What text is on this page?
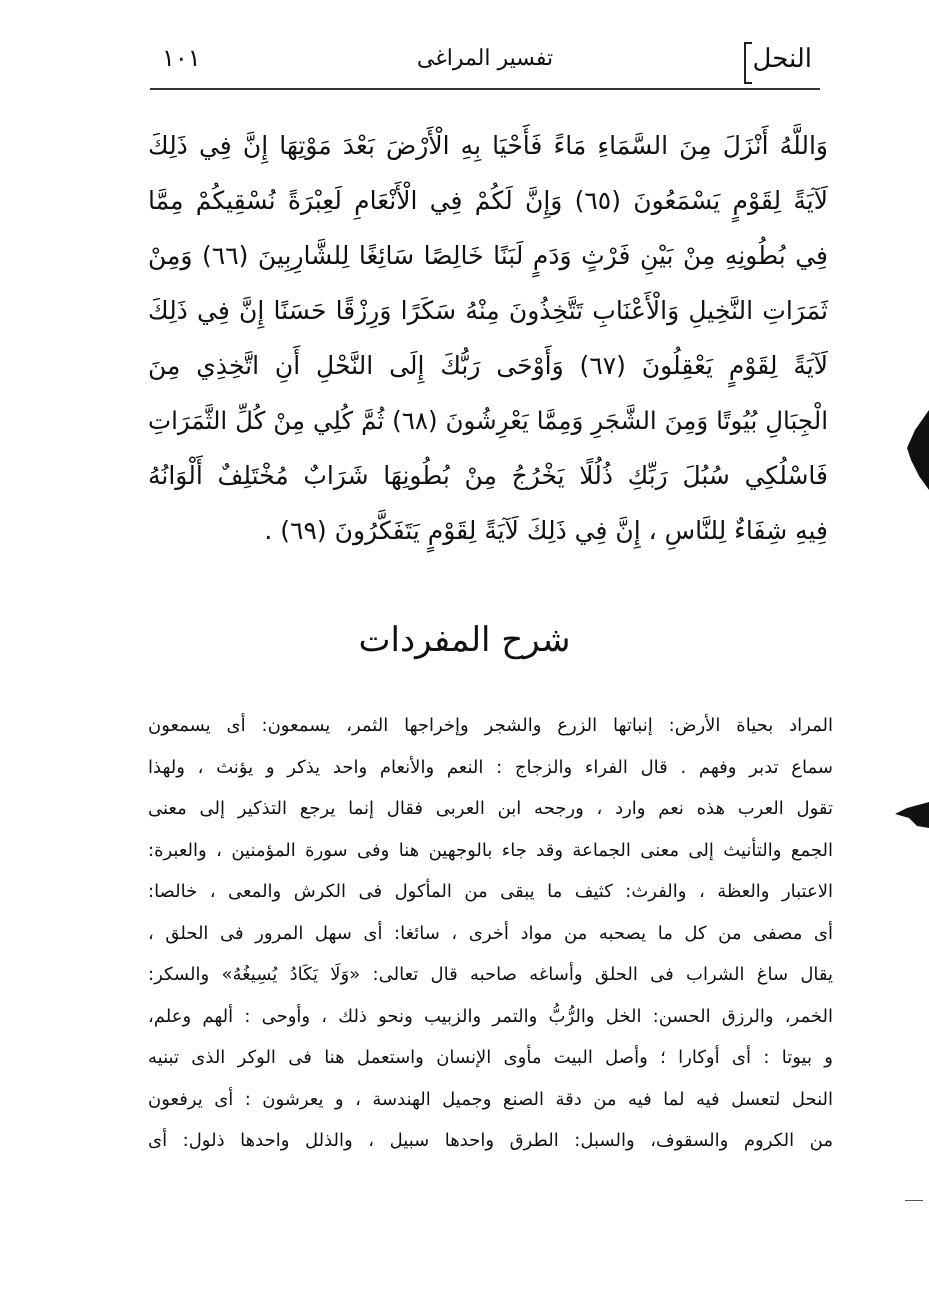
النحل
تفسير المراغى
١٠١

وَاللَّهُ أَنْزَلَ مِنَ السَّمَاءِ مَاءً فَأَحْيَا بِهِ الْأَرْضَ بَعْدَ مَوْتِهَا إِنَّ فِي ذَلِكَ

لَآيَةً لِقَوْمٍ يَسْمَعُونَ (٦٥) وَإِنَّ لَكُمْ فِي الْأَنْعَامِ لَعِبْرَةً نُسْقِيكُمْ مِمَّا

فِي بُطُونِهِ مِنْ بَيْنِ فَرْثٍ وَدَمٍ لَبَنًا خَالِصًا سَائِغًا لِلشَّارِبِينَ (٦٦) وَمِنْ

ثَمَرَاتِ النَّخِيلِ وَالْأَعْنَابِ تَتَّخِذُونَ مِنْهُ سَكَرًا وَرِزْقًا حَسَنًا إِنَّ فِي ذَلِكَ

لَآيَةً لِقَوْمٍ يَعْقِلُونَ (٦٧) وَأَوْحَى رَبُّكَ إِلَى النَّحْلِ أَنِ اتَّخِذِي مِنَ

الْجِبَالِ بُيُوتًا وَمِنَ الشَّجَرِ وَمِمَّا يَعْرِشُونَ (٦٨) ثُمَّ كُلِي مِنْ كُلِّ الثَّمَرَاتِ

فَاسْلُكِي سُبُلَ رَبِّكِ ذُلُلًا يَخْرُجُ مِنْ بُطُونِهَا شَرَابٌ مُخْتَلِفٌ أَلْوَانُهُ

فِيهِ شِفَاءٌ لِلنَّاسِ ، إِنَّ فِي ذَلِكَ لَآيَةً لِقَوْمٍ يَتَفَكَّرُونَ (٦٩) .

شرح المفردات

المراد بحياة الأرض: إنباتها الزرع والشجر وإخراجها الثمر، يسمعون: أى يسمعون

سماع تدبر وفهم . قال الفراء والزجاج : النعم والأنعام واحد يذكر و يؤنث ، ولهذا

تقول العرب هذه نعم وارد ، ورجحه ابن العربى فقال إنما يرجع التذكير إلى معنى

الجمع والتأنيث إلى معنى الجماعة وقد جاء بالوجهين هنا وفى سورة المؤمنين ، والعبرة:

الاعتبار والعظة ، والفرث: كثيف ما يبقى من المأكول فى الكرش والمعى ، خالصا:

أى مصفى من كل ما يصحبه من مواد أخرى ، سائغا: أى سهل المرور فى الحلق ،

يقال ساغ الشراب فى الحلق وأساغه صاحبه قال تعالى: «وَلَا يَكَادُ يُسِيغُهُ» والسكر:

الخمر، والرزق الحسن: الخل والرُّبُّ والتمر والزبيب ونحو ذلك ، وأوحى : ألهم وعلم،

و بيوتا : أى أوكارا ؛ وأصل البيت مأوى الإنسان واستعمل هنا فى الوكر الذى تبنيه

النحل لتعسل فيه لما فيه من دقة الصنع وجميل الهندسة ، و يعرشون : أى يرفعون

من الكروم والسقوف، والسبل: الطرق واحدها سبيل ، والذلل واحدها ذلول: أى
